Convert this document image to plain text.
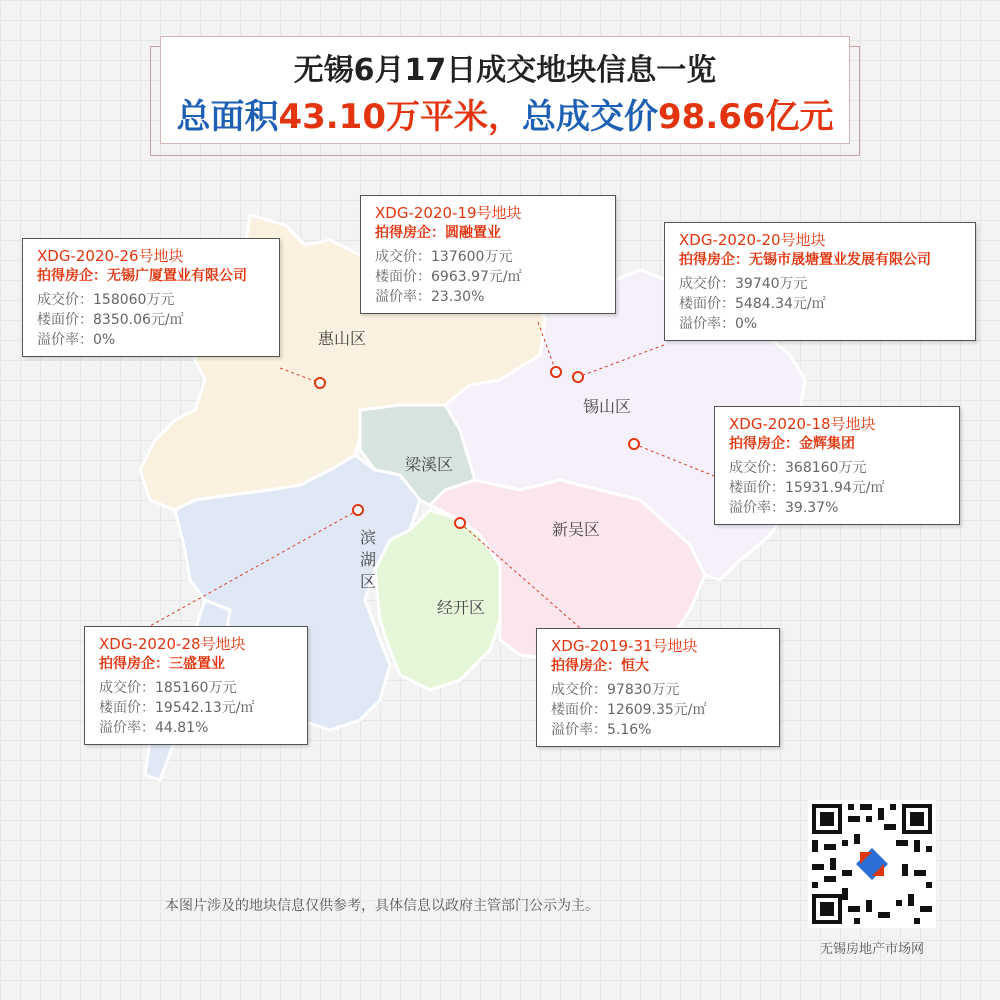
无锡6月17日成交地块信息一览
总面积43.10万平米，总成交价98.66亿元
惠山区
锡山区
梁溪区
新吴区
经开区
滨
湖
区
XDG-2020-26号地块
拍得房企：无锡广厦置业有限公司
成交价：158060万元
楼面价：8350.06元/㎡
溢价率：0%
XDG-2020-19号地块
拍得房企：圆融置业
成交价：137600万元
楼面价：6963.97元/㎡
溢价率：23.30%
XDG-2020-20号地块
拍得房企：无锡市晟塘置业发展有限公司
成交价：39740万元
楼面价：5484.34元/㎡
溢价率：0%
XDG-2020-18号地块
拍得房企：金辉集团
成交价：368160万元
楼面价：15931.94元/㎡
溢价率：39.37%
XDG-2020-28号地块
拍得房企：三盛置业
成交价：185160万元
楼面价：19542.13元/㎡
溢价率：44.81%
XDG-2019-31号地块
拍得房企：恒大
成交价：97830万元
楼面价：12609.35元/㎡
溢价率：5.16%
本图片涉及的地块信息仅供参考，具体信息以政府主管部门公示为主。
无锡房地产市场网
